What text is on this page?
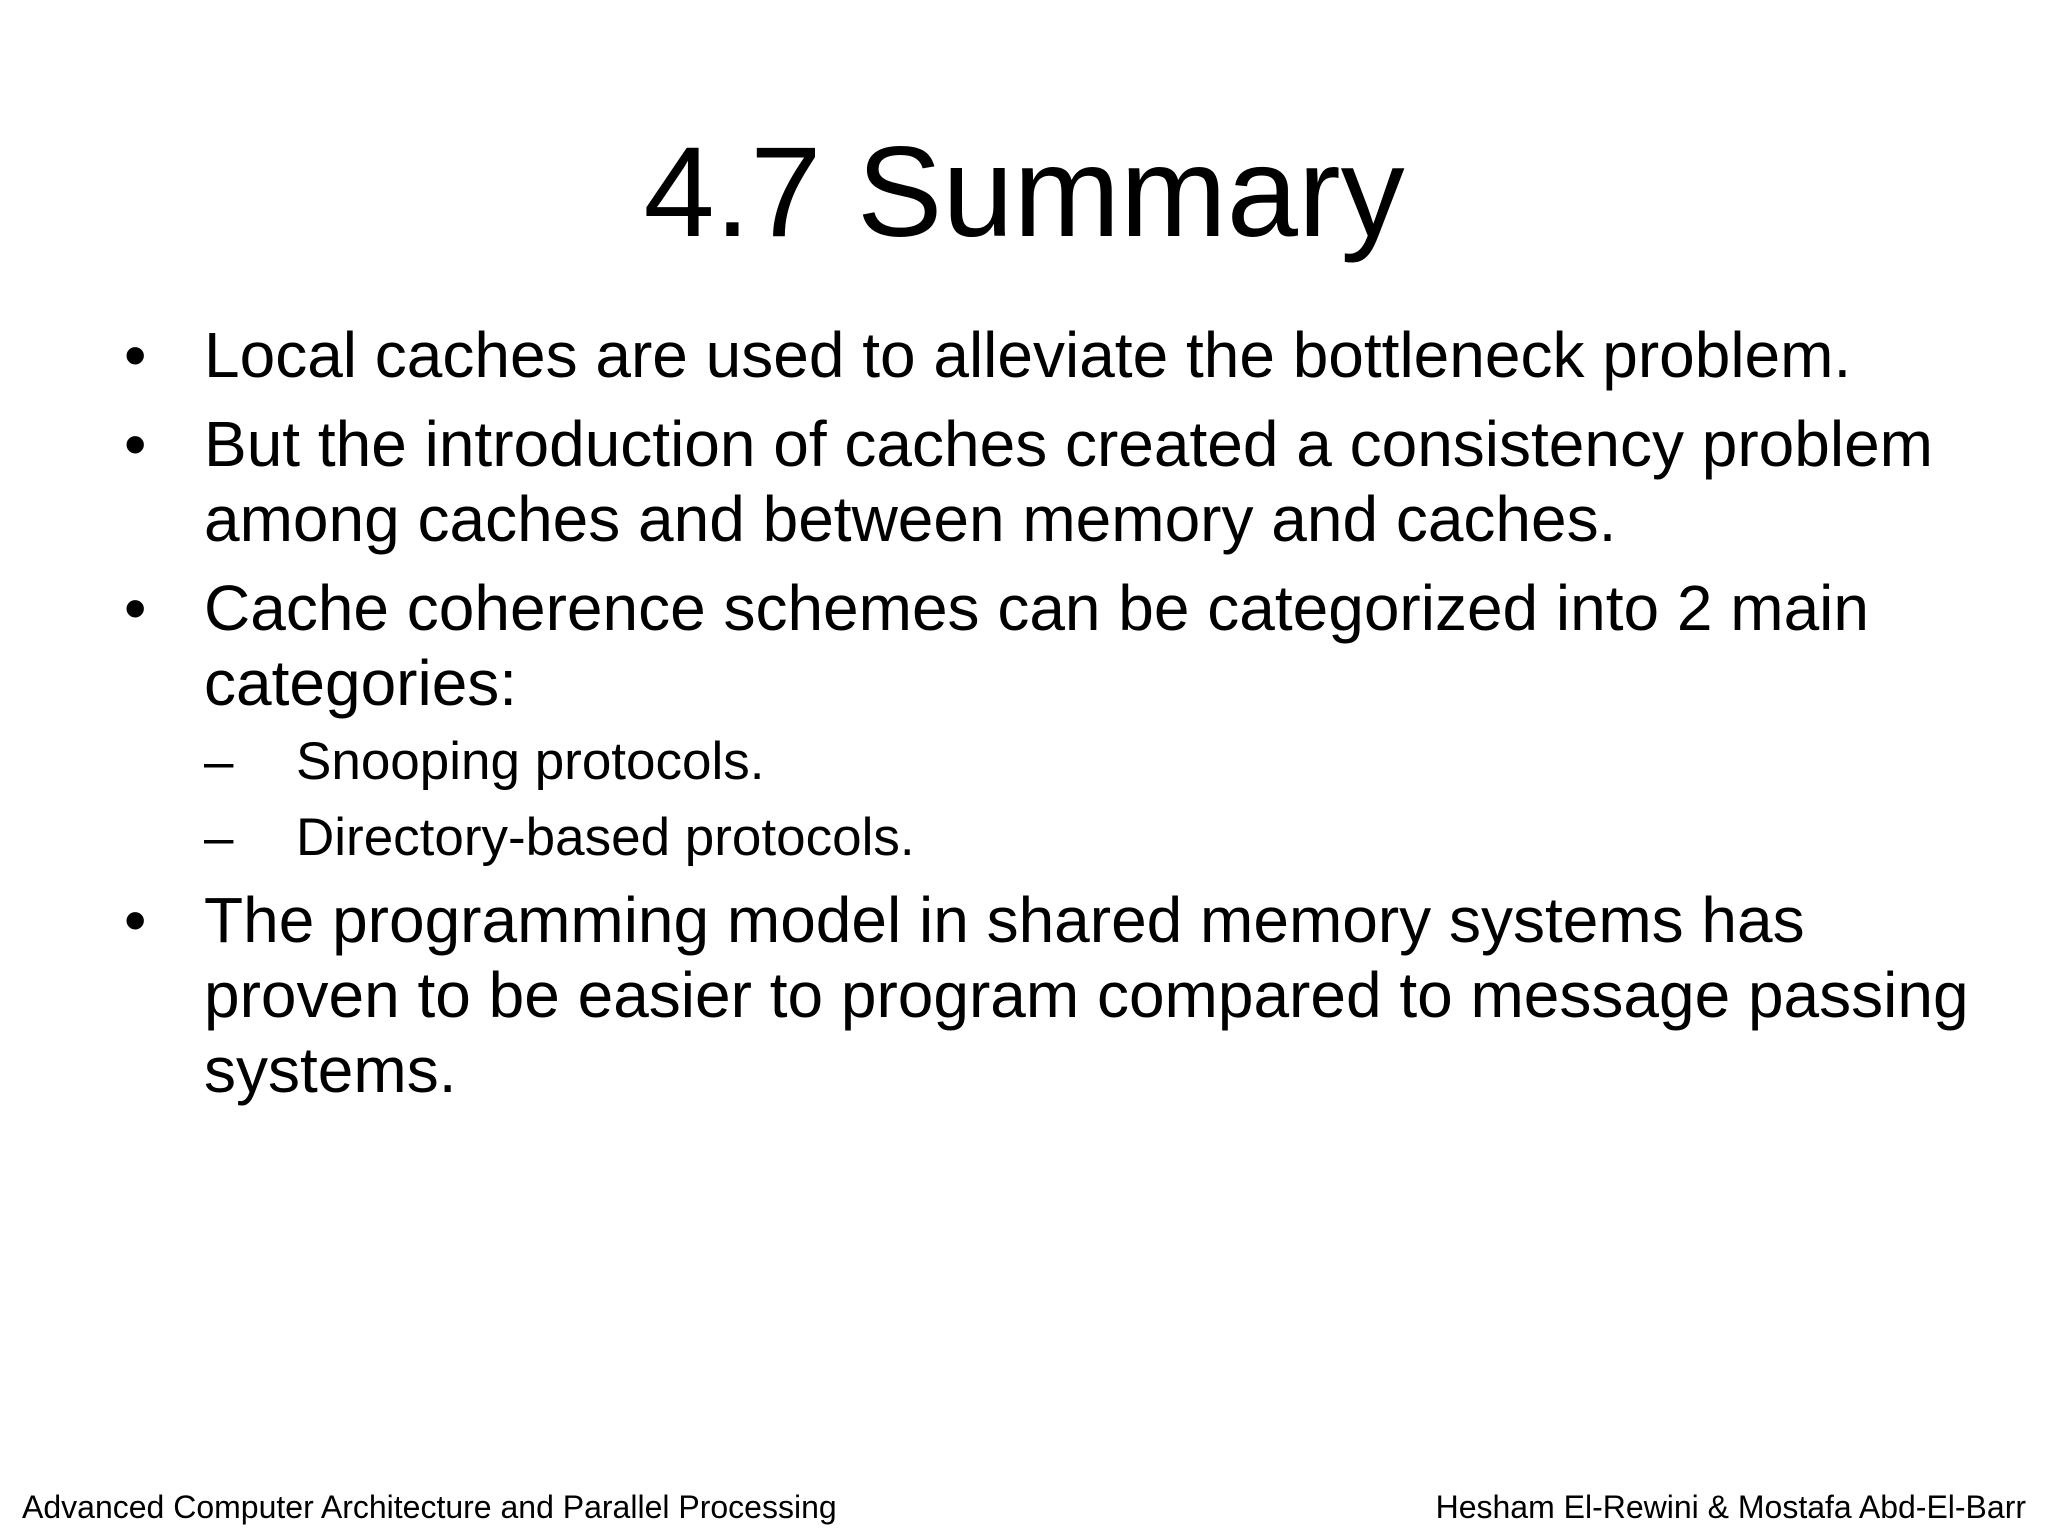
4.7 Summary
• Local caches are used to alleviate the bottleneck problem.
• But the introduction of caches created a consistency problem among caches and between memory and caches.
• Cache coherence schemes can be categorized into 2 main categories:
– Snooping protocols.
– Directory-based protocols.
• The programming model in shared memory systems has proven to be easier to program compared to message passing systems.
Advanced Computer Architecture and Parallel Processing	Hesham El-Rewini & Mostafa Abd-El-Barr
